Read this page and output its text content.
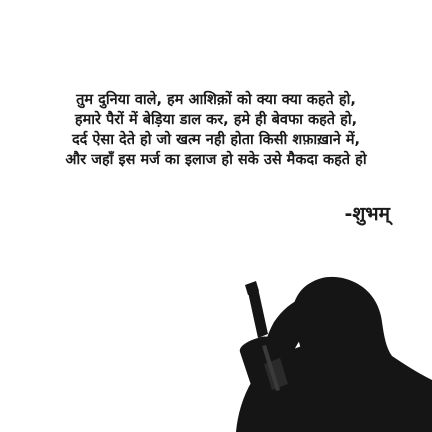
तुम दुनिया वाले, हम आशिक़ों को क्या क्या कहते हो,
हमारे पैरों में बेड़िया डाल कर, हमे ही बेवफा कहते हो,
दर्द ऐसा देते हो जो खत्म नही होता किसी शफ़ाख़ाने में,
और जहाँ इस मर्ज का इलाज हो सके उसे मैकदा कहते हो
-शुभम्
